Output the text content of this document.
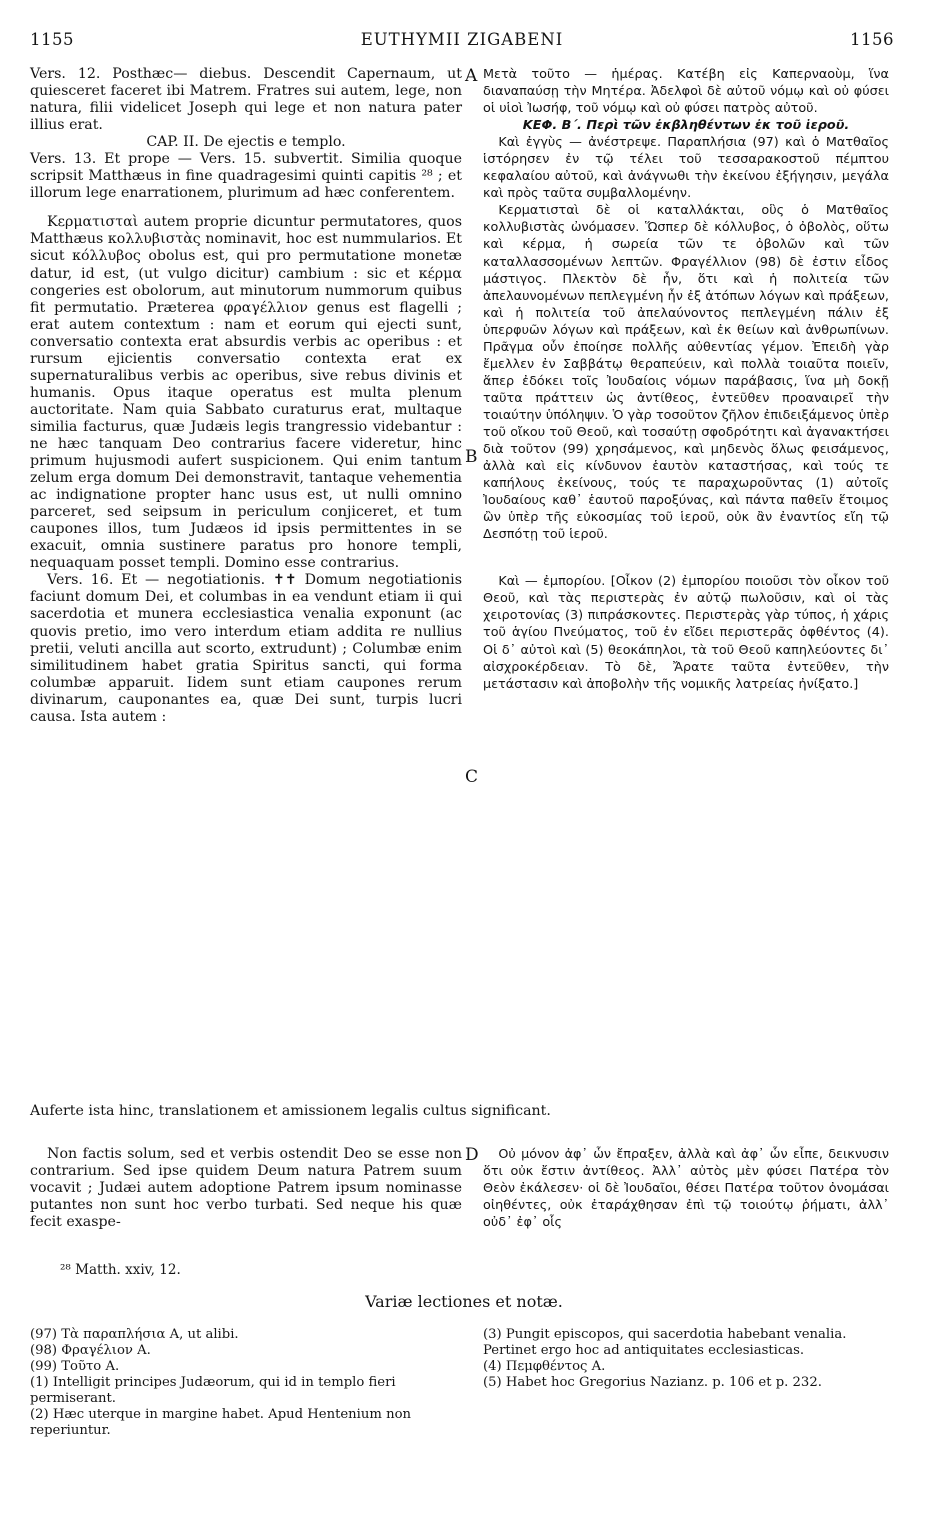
1155	EUTHYMII ZIGABENI	1156
A
B
C
D

Vers. 12. Posthæc— diebus. Descendit Capernaum, ut quiesceret faceret ibi Matrem. Fratres sui autem, lege, non natura, filii videlicet Joseph qui lege et non natura pater illius erat.

CAP. II. De ejectis e templo.

Vers. 13. Et prope — Vers. 15. subvertit. Similia quoque scripsit Matthæus in fine quadragesimi quinti capitis ²⁸ ; et illorum lege enarrationem, plurimum ad hæc conferentem.

Κερματισταὶ autem proprie dicuntur permutatores, quos Matthæus κολλυβιστὰς nominavit, hoc est nummularios. Et sicut κόλλυβος obolus est, qui pro permutatione monetæ datur, id est, (ut vulgo dicitur) cambium : sic et κέρμα congeries est obolorum, aut minutorum nummorum quibus fit permutatio. Præterea φραγέλλιον genus est flagelli ; erat autem contextum : nam et eorum qui ejecti sunt, conversatio contexta erat absurdis verbis ac operibus : et rursum ejicientis conversatio contexta erat ex supernaturalibus verbis ac operibus, sive rebus divinis et humanis. Opus itaque operatus est multa plenum auctoritate. Nam quia Sabbato curaturus erat, multaque similia facturus, quæ Judæis legis trangressio videbantur : ne hæc tanquam Deo contrarius facere videretur, hinc primum hujusmodi aufert suspicionem. Qui enim tantum zelum erga domum Dei demonstravit, tantaque vehementia ac indignatione propter hanc usus est, ut nulli omnino parceret, sed seipsum in periculum conjiceret, et tum caupones illos, tum Judæos id ipsis permittentes in se exacuit, omnia sustinere paratus pro honore templi, nequaquam posset templi. Domino esse contrarius.

Vers. 16. Et — negotiationis. ✝✝ Domum negotiationis faciunt domum Dei, et columbas in ea vendunt etiam ii qui sacerdotia et munera ecclesiastica venalia exponunt (ac quovis pretio, imo vero interdum etiam addita re nullius pretii, veluti ancilla aut scorto, extrudunt) ; Columbæ enim similitudinem habet gratia Spiritus sancti, qui forma columbæ apparuit. Iidem sunt etiam caupones rerum divinarum, cauponantes ea, quæ Dei sunt, turpis lucri causa. Ista autem :

Μετὰ τοῦτο — ἡμέρας. Κατέβη εἰς Καπερναοὺμ, ἵνα διαναπαύσῃ τὴν Μητέρα. Ἀδελφοὶ δὲ αὐτοῦ νόμῳ καὶ οὐ φύσει οἱ υἱοὶ Ἰωσήφ, τοῦ νόμῳ καὶ οὐ φύσει πατρὸς αὐτοῦ.

ΚΕΦ. Β΄. Περὶ τῶν ἐκβληθέντων ἐκ τοῦ ἱεροῦ.

Καὶ ἐγγὺς — ἀνέστρεψε. Παραπλήσια (97) καὶ ὁ Ματθαῖος ἱστόρησεν ἐν τῷ τέλει τοῦ τεσσαρακοστοῦ πέμπτου κεφαλαίου αὐτοῦ, καὶ ἀνάγνωθι τὴν ἐκείνου ἐξήγησιν, μεγάλα καὶ πρὸς ταῦτα συμβαλλομένην.

Κερματισταὶ δὲ οἱ καταλλάκται, οὓς ὁ Ματθαῖος κολλυβιστὰς ὠνόμασεν. Ὥσπερ δὲ κόλλυβος, ὁ ὀβολὸς, οὕτω καὶ κέρμα, ἡ σωρεία τῶν τε ὀβολῶν καὶ τῶν καταλλασσομένων λεπτῶν. Φραγέλλιον (98) δὲ ἐστιν εἶδος μάστιγος. Πλεκτὸν δὲ ἦν, ὅτι καὶ ἡ πολιτεία τῶν ἀπελαυνομένων πεπλεγμένη ἦν ἐξ ἀτόπων λόγων καὶ πράξεων, καὶ ἡ πολιτεία τοῦ ἀπελαύνοντος πεπλεγμένη πάλιν ἐξ ὑπερφυῶν λόγων καὶ πράξεων, καὶ ἐκ θείων καὶ ἀνθρωπίνων. Πρᾶγμα οὖν ἐποίησε πολλῆς αὐθεντίας γέμον. Ἐπειδὴ γὰρ ἔμελλεν ἐν Σαββάτῳ θεραπεύειν, καὶ πολλὰ τοιαῦτα ποιεῖν, ἅπερ ἐδόκει τοῖς Ἰουδαίοις νόμων παράβασις, ἵνα μὴ δοκῇ ταῦτα πράττειν ὡς ἀντίθεος, ἐντεῦθεν προαναιρεῖ τὴν τοιαύτην ὑπόληψιν. Ὁ γὰρ τοσοῦτον ζῆλον ἐπιδειξάμενος ὑπὲρ τοῦ οἴκου τοῦ Θεοῦ, καὶ τοσαύτῃ σφοδρότητι καὶ ἀγανακτήσει διὰ τοῦτον (99) χρησάμενος, καὶ μηδενὸς ὅλως φεισάμενος, ἀλλὰ καὶ εἰς κίνδυνον ἑαυτὸν καταστήσας, καὶ τούς τε καπήλους ἐκείνους, τούς τε παραχωροῦντας (1) αὐτοῖς Ἰουδαίους καθ᾽ ἑαυτοῦ παροξύνας, καὶ πάντα παθεῖν ἕτοιμος ὢν ὑπὲρ τῆς εὐκοσμίας τοῦ ἱεροῦ, οὐκ ἂν ἐναντίος εἴη τῷ Δεσπότῃ τοῦ ἱεροῦ.

Καὶ — ἐμπορίου. [Οἶκον (2) ἐμπορίου ποιοῦσι τὸν οἶκον τοῦ Θεοῦ, καὶ τὰς περιστερὰς ἐν αὐτῷ πωλοῦσιν, καὶ οἱ τὰς χειροτονίας (3) πιπράσκοντες. Περιστερὰς γὰρ τύπος, ἡ χάρις τοῦ ἁγίου Πνεύματος, τοῦ ἐν εἴδει περιστερᾶς ὀφθέντος (4). Οἱ δ᾽ αὐτοὶ καὶ (5) θεοκάπηλοι, τὰ τοῦ Θεοῦ καπηλεύοντες δι᾽ αἰσχροκέρδειαν. Τὸ δὲ, Ἄρατε ταῦτα ἐντεῦθεν, τὴν μετάστασιν καὶ ἀποβολὴν τῆς νομικῆς λατρείας ἠνίξατο.]

Auferte ista hinc, translationem et amissionem legalis cultus significant.

Non factis solum, sed et verbis ostendit Deo se esse non contrarium. Sed ipse quidem Deum natura Patrem suum vocavit ; Judæi autem adoptione Patrem ipsum nominasse putantes non sunt hoc verbo turbati. Sed neque his quæ fecit exaspe-

Οὐ μόνον ἀφ᾽ ὧν ἔπραξεν, ἀλλὰ καὶ ἀφ᾽ ὧν εἶπε, δεικνυσιν ὅτι οὐκ ἔστιν ἀντίθεος. Ἀλλ᾽ αὐτὸς μὲν φύσει Πατέρα τὸν Θεὸν ἐκάλεσεν· οἱ δὲ Ἰουδαῖοι, θέσει Πατέρα τοῦτον ὀνομάσαι οἰηθέντες, οὐκ ἐταράχθησαν ἐπὶ τῷ τοιούτῳ ῥήματι, ἀλλ᾽ οὐδ᾽ ἐφ᾽ οἷς

²⁸ Matth. xxiv, 12.
Variæ lectiones et notæ.

(97) Τὰ παραπλήσια A, ut alibi.

(98) Φραγέλιον A.

(99) Τοῦτο A.

(1) Intelligit principes Judæorum, qui id in templo fieri permiserant.

(2) Hæc uterque in margine habet. Apud Hentenium non reperiuntur.

(3) Pungit episcopos, qui sacerdotia habebant venalia. Pertinet ergo hoc ad antiquitates ecclesiasticas.

(4) Πεμφθέντος A.

(5) Habet hoc Gregorius Nazianz. p. 106 et p. 232.
